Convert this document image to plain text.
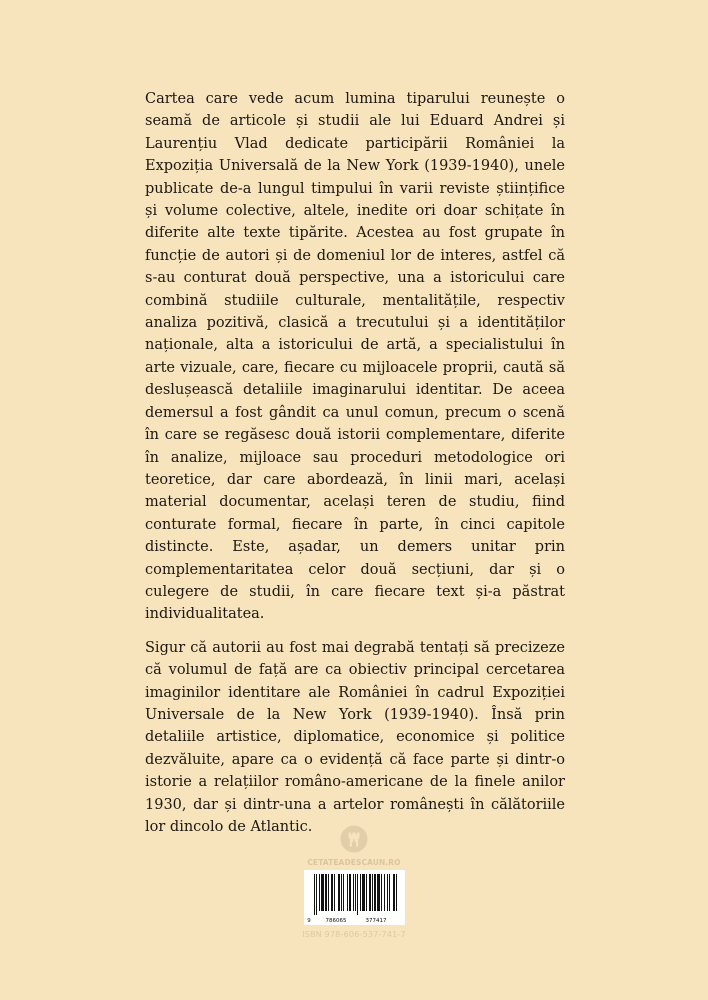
Cartea care vede acum lumina tiparului reunește o seamă de articole și studii ale lui Eduard Andrei și Laurențiu Vlad dedicate participării României la Expoziția Universală de la New York (1939-1940), unele publicate de-a lungul timpului în varii reviste științifice și volume colective, altele, inedite ori doar schițate în diferite alte texte tipărite. Acestea au fost grupate în funcție de autori și de domeniul lor de interes, astfel că s-au conturat două perspective, una a istoricului care combină studiile culturale, mentalitățile, respectiv analiza pozitivă, clasică a trecutului și a identităților naționale, alta a istoricului de artă, a specialistului în arte vizuale, care, fiecare cu mijloacele proprii, caută să deslușească detaliile imaginarului identitar. De aceea demersul a fost gândit ca unul comun, precum o scenă în care se regăsesc două istorii complementare, diferite în analize, mijloace sau proceduri metodologice ori teoretice, dar care abordează, în linii mari, același material documentar, același teren de studiu, fiind conturate formal, fiecare în parte, în cinci capitole distincte. Este, așadar, un demers unitar prin complementaritatea celor două secțiuni, dar și o culegere de studii, în care fiecare text și-a păstrat individualitatea.

Sigur că autorii au fost mai degrabă tentați să precizeze că volumul de față are ca obiectiv principal cercetarea imaginilor identitare ale României în cadrul Expoziției Universale de la New York (1939-1940). Însă prin detaliile artistice, diplomatice, economice și politice dezvăluite, apare ca o evidență că face parte și dintr-o istorie a relațiilor româno-americane de la finele anilor 1930, dar și dintr-una a artelor românești în călătoriile lor dincolo de Atlantic.

CETATEADESCAUN.RO
9	786065	377417
ISBN 978-606-537-741-7
